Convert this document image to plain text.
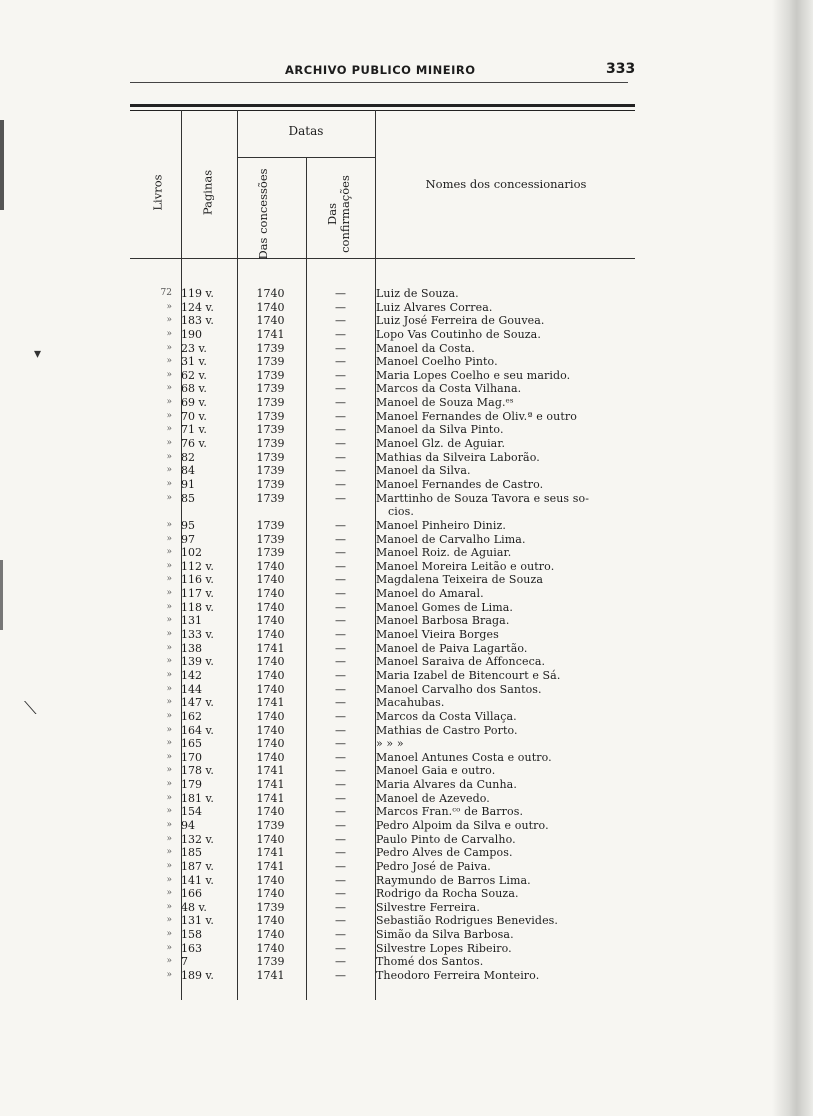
ARCHIVO PUBLICO MINEIRO	333
Datas
Livros	Paginas	Das concessões	Das confirmações	Nomes dos concessionarios
72 119 v.	1740	—	Luiz de Souza.
» 124 v.	1740	—	Luiz Alvares Correa.
» 183 v.	1740	—	Luiz José Ferreira de Gouvea.
» 190	1741	—	Lopo Vas Coutinho de Souza.
» 23 v.	1739	—	Manoel da Costa.
» 31 v.	1739	—	Manoel Coelho Pinto.
» 62 v.	1739	—	Maria Lopes Coelho e seu marido.
» 68 v.	1739	—	Marcos da Costa Vilhana.
» 69 v.	1739	—	Manoel de Souza Mag.ᵉˢ
» 70 v.	1739	—	Manoel Fernandes de Oliv.ª e outro
» 71 v.	1739	—	Manoel da Silva Pinto.
» 76 v.	1739	—	Manoel Glz. de Aguiar.
» 82	1739	—	Mathias da Silveira Laborão.
» 84	1739	—	Manoel da Silva.
» 91	1739	—	Manoel Fernandes de Castro.
» 85	1739	—	Marttinho de Souza Tavora e seus so-
cios.
» 95	1739	—	Manoel Pinheiro Diniz.
» 97	1739	—	Manoel de Carvalho Lima.
» 102	1739	—	Manoel Roiz. de Aguiar.
» 112 v.	1740	—	Manoel Moreira Leitão e outro.
» 116 v.	1740	—	Magdalena Teixeira de Souza
» 117 v.	1740	—	Manoel do Amaral.
» 118 v.	1740	—	Manoel Gomes de Lima.
» 131	1740	—	Manoel Barbosa Braga.
» 133 v.	1740	—	Manoel Vieira Borges
» 138	1741	—	Manoel de Paiva Lagartão.
» 139 v.	1740	—	Manoel Saraiva de Affonceca.
» 142	1740	—	Maria Izabel de Bitencourt e Sá.
» 144	1740	—	Manoel Carvalho dos Santos.
» 147 v.	1741	—	Macahubas.
» 162	1740	—	Marcos da Costa Villaça.
» 164 v.	1740	—	Mathias de Castro Porto.
» 165	1740	—	» » »
» 170	1740	—	Manoel Antunes Costa e outro.
» 178 v.	1741	—	Manoel Gaia e outro.
» 179	1741	—	Maria Alvares da Cunha.
» 181 v.	1741	—	Manoel de Azevedo.
» 154	1740	—	Marcos Fran.ᶜᵒ de Barros.
» 94	1739	—	Pedro Alpoim da Silva e outro.
» 132 v.	1740	—	Paulo Pinto de Carvalho.
» 185	1741	—	Pedro Alves de Campos.
» 187 v.	1741	—	Pedro José de Paiva.
» 141 v.	1740	—	Raymundo de Barros Lima.
» 166	1740	—	Rodrigo da Rocha Souza.
» 48 v.	1739	—	Silvestre Ferreira.
» 131 v.	1740	—	Sebastião Rodrigues Benevides.
» 158	1740	—	Simão da Silva Barbosa.
» 163	1740	—	Silvestre Lopes Ribeiro.
» 7	1739	—	Thomé dos Santos.
» 189 v.	1741	—	Theodoro Ferreira Monteiro.
▾
⟍
